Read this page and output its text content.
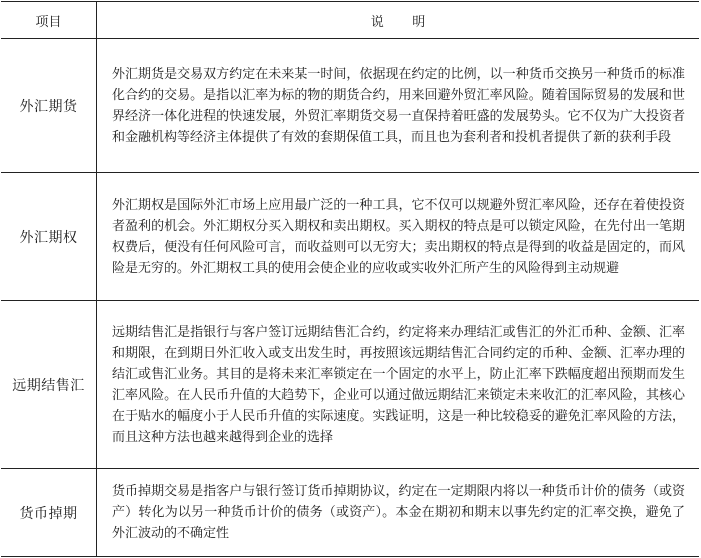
项目	说 明
外汇期货	外汇期货是交易双方约定在未来某一时间，依据现在约定的比例，以一种货币交换另一种货币的标准化合约的交易。是指以汇率为标的物的期货合约，用来回避外贸汇率风险。随着国际贸易的发展和世界经济一体化进程的快速发展，外贸汇率期货交易一直保持着旺盛的发展势头。它不仅为广大投资者和金融机构等经济主体提供了有效的套期保值工具，而且也为套利者和投机者提供了新的获利手段

外汇期权	外汇期权是国际外汇市场上应用最广泛的一种工具，它不仅可以规避外贸汇率风险，还存在着使投资者盈利的机会。外汇期权分买入期权和卖出期权。买入期权的特点是可以锁定风险，在先付出一笔期权费后，便没有任何风险可言，而收益则可以无穷大；卖出期权的特点是得到的收益是固定的，而风险是无穷的。外汇期权工具的使用会使企业的应收或实收外汇所产生的风险得到主动规避

远期结售汇	远期结售汇是指银行与客户签订远期结售汇合约，约定将来办理结汇或售汇的外汇币种、金额、汇率和期限，在到期日外汇收入或支出发生时，再按照该远期结售汇合同约定的币种、金额、汇率办理的结汇或售汇业务。其目的是将未来汇率锁定在一个固定的水平上，防止汇率下跌幅度超出预期而发生汇率风险。在人民币升值的大趋势下，企业可以通过做远期结汇来锁定未来收汇的汇率风险，其核心在于贴水的幅度小于人民币升值的实际速度。实践证明，这是一种比较稳妥的避免汇率风险的方法，而且这种方法也越来越得到企业的选择

货币掉期	货币掉期交易是指客户与银行签订货币掉期协议，约定在一定期限内将以一种货币计价的债务（或资产）转化为以另一种货币计价的债务（或资产）。本金在期初和期末以事先约定的汇率交换，避免了外汇波动的不确定性
